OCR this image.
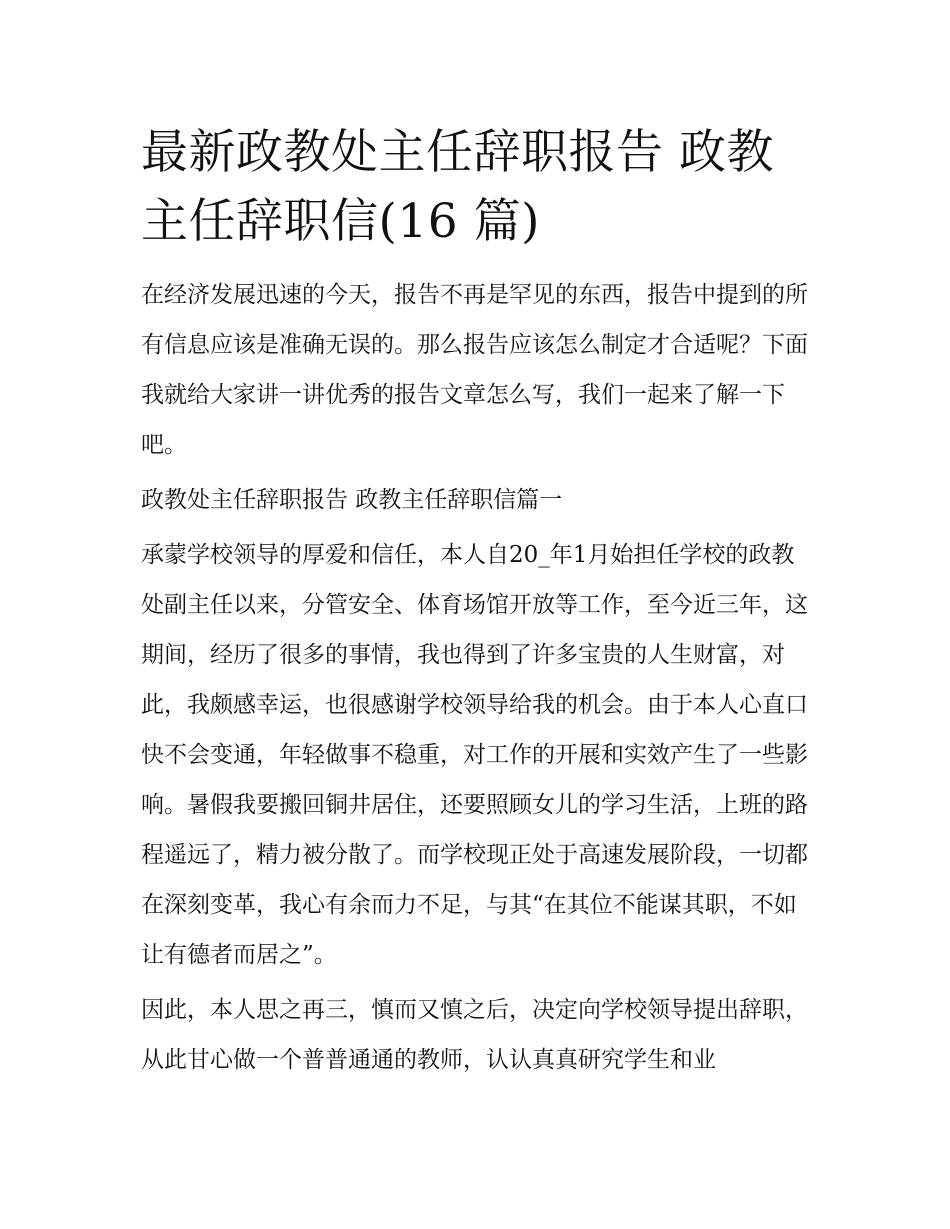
最新政教处主任辞职报告 政教主任辞职信(16 篇)

在经济发展迅速的今天，报告不再是罕见的东西，报告中提到的所有信息应该是准确无误的。那么报告应该怎么制定才合适呢？下面我就给大家讲一讲优秀的报告文章怎么写，我们一起来了解一下吧。

政教处主任辞职报告 政教主任辞职信篇一

承蒙学校领导的厚爱和信任，本人自20_年1月始担任学校的政教处副主任以来，分管安全、体育场馆开放等工作，至今近三年，这期间，经历了很多的事情，我也得到了许多宝贵的人生财富，对此，我颇感幸运，也很感谢学校领导给我的机会。由于本人心直口快不会变通，年轻做事不稳重，对工作的开展和实效产生了一些影响。暑假我要搬回铜井居住，还要照顾女儿的学习生活，上班的路程遥远了，精力被分散了。而学校现正处于高速发展阶段，一切都在深刻变革，我心有余而力不足，与其“在其位不能谋其职，不如让有德者而居之”。

因此，本人思之再三，慎而又慎之后，决定向学校领导提出辞职，从此甘心做一个普普通通的教师，认认真真研究学生和业
